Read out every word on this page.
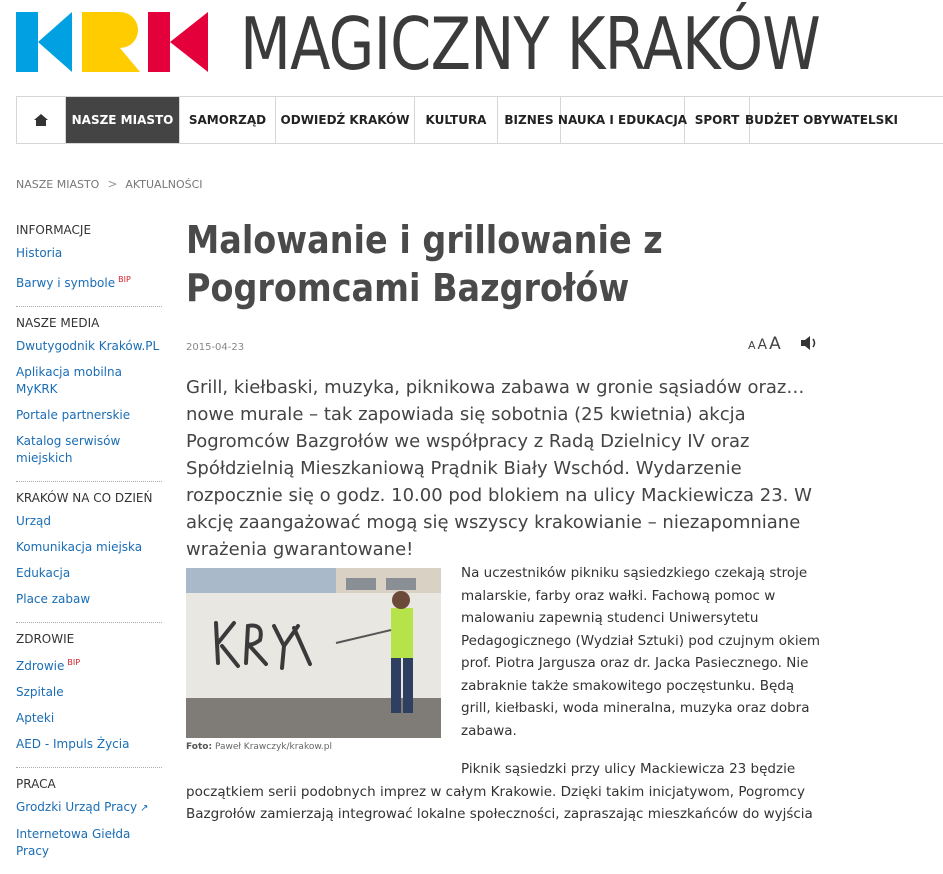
MAGICZNY KRAKÓW
NASZE MIASTO	SAMORZĄD	ODWIEDŹ KRAKÓW	KULTURA	BIZNES NAUKA I EDUKACJA SPORT BUDŻET OBYWATELSKI
NASZE MIASTO > AKTUALNOŚCI
INFORMACJE
Historia
Barwy i symbole $^{BIP}$
NASZE MEDIA
Dwutygodnik Kraków.PL
Aplikacja mobilna MyKRK
Portale partnerskie
Katalog serwisów miejskich
KRAKÓW NA CO DZIEŃ
Urząd
Komunikacja miejska
Edukacja
Place zabaw
ZDROWIE
Zdrowie $^{BIP}$
Szpitale
Apteki
AED - Impuls Życia
PRACA
Grodzki Urząd Pracy ↗
Internetowa Giełda Pracy
Malowanie i grillowanie z Pogromcami Bazgrołów
2015-04-23	A A A
Grill, kiełbaski, muzyka, piknikowa zabawa w gronie sąsiadów oraz… nowe murale – tak zapowiada się sobotnia (25 kwietnia) akcja Pogromców Bazgrołów we współpracy z Radą Dzielnicy IV oraz Spółdzielnią Mieszkaniową Prądnik Biały Wschód. Wydarzenie rozpocznie się o godz. 10.00 pod blokiem na ulicy Mackiewicza 23. W akcję zaangażować mogą się wszyscy krakowianie – niezapomniane wrażenia gwarantowane!
Foto: Paweł Krawczyk/krakow.pl
Na uczestników pikniku sąsiedzkiego czekają stroje malarskie, farby oraz wałki. Fachową pomoc w malowaniu zapewnią studenci Uniwersytetu Pedagogicznego (Wydział Sztuki) pod czujnym okiem prof. Piotra Jargusza oraz dr. Jacka Pasiecznego. Nie zabraknie także smakowitego poczęstunku. Będą grill, kiełbaski, woda mineralna, muzyka oraz dobra zabawa.
Piknik sąsiedzki przy ulicy Mackiewicza 23 będzie
początkiem serii podobnych imprez w całym Krakowie. Dzięki takim inicjatywom, Pogromcy Bazgrołów zamierzają integrować lokalne społeczności, zapraszając mieszkańców do wyjścia
